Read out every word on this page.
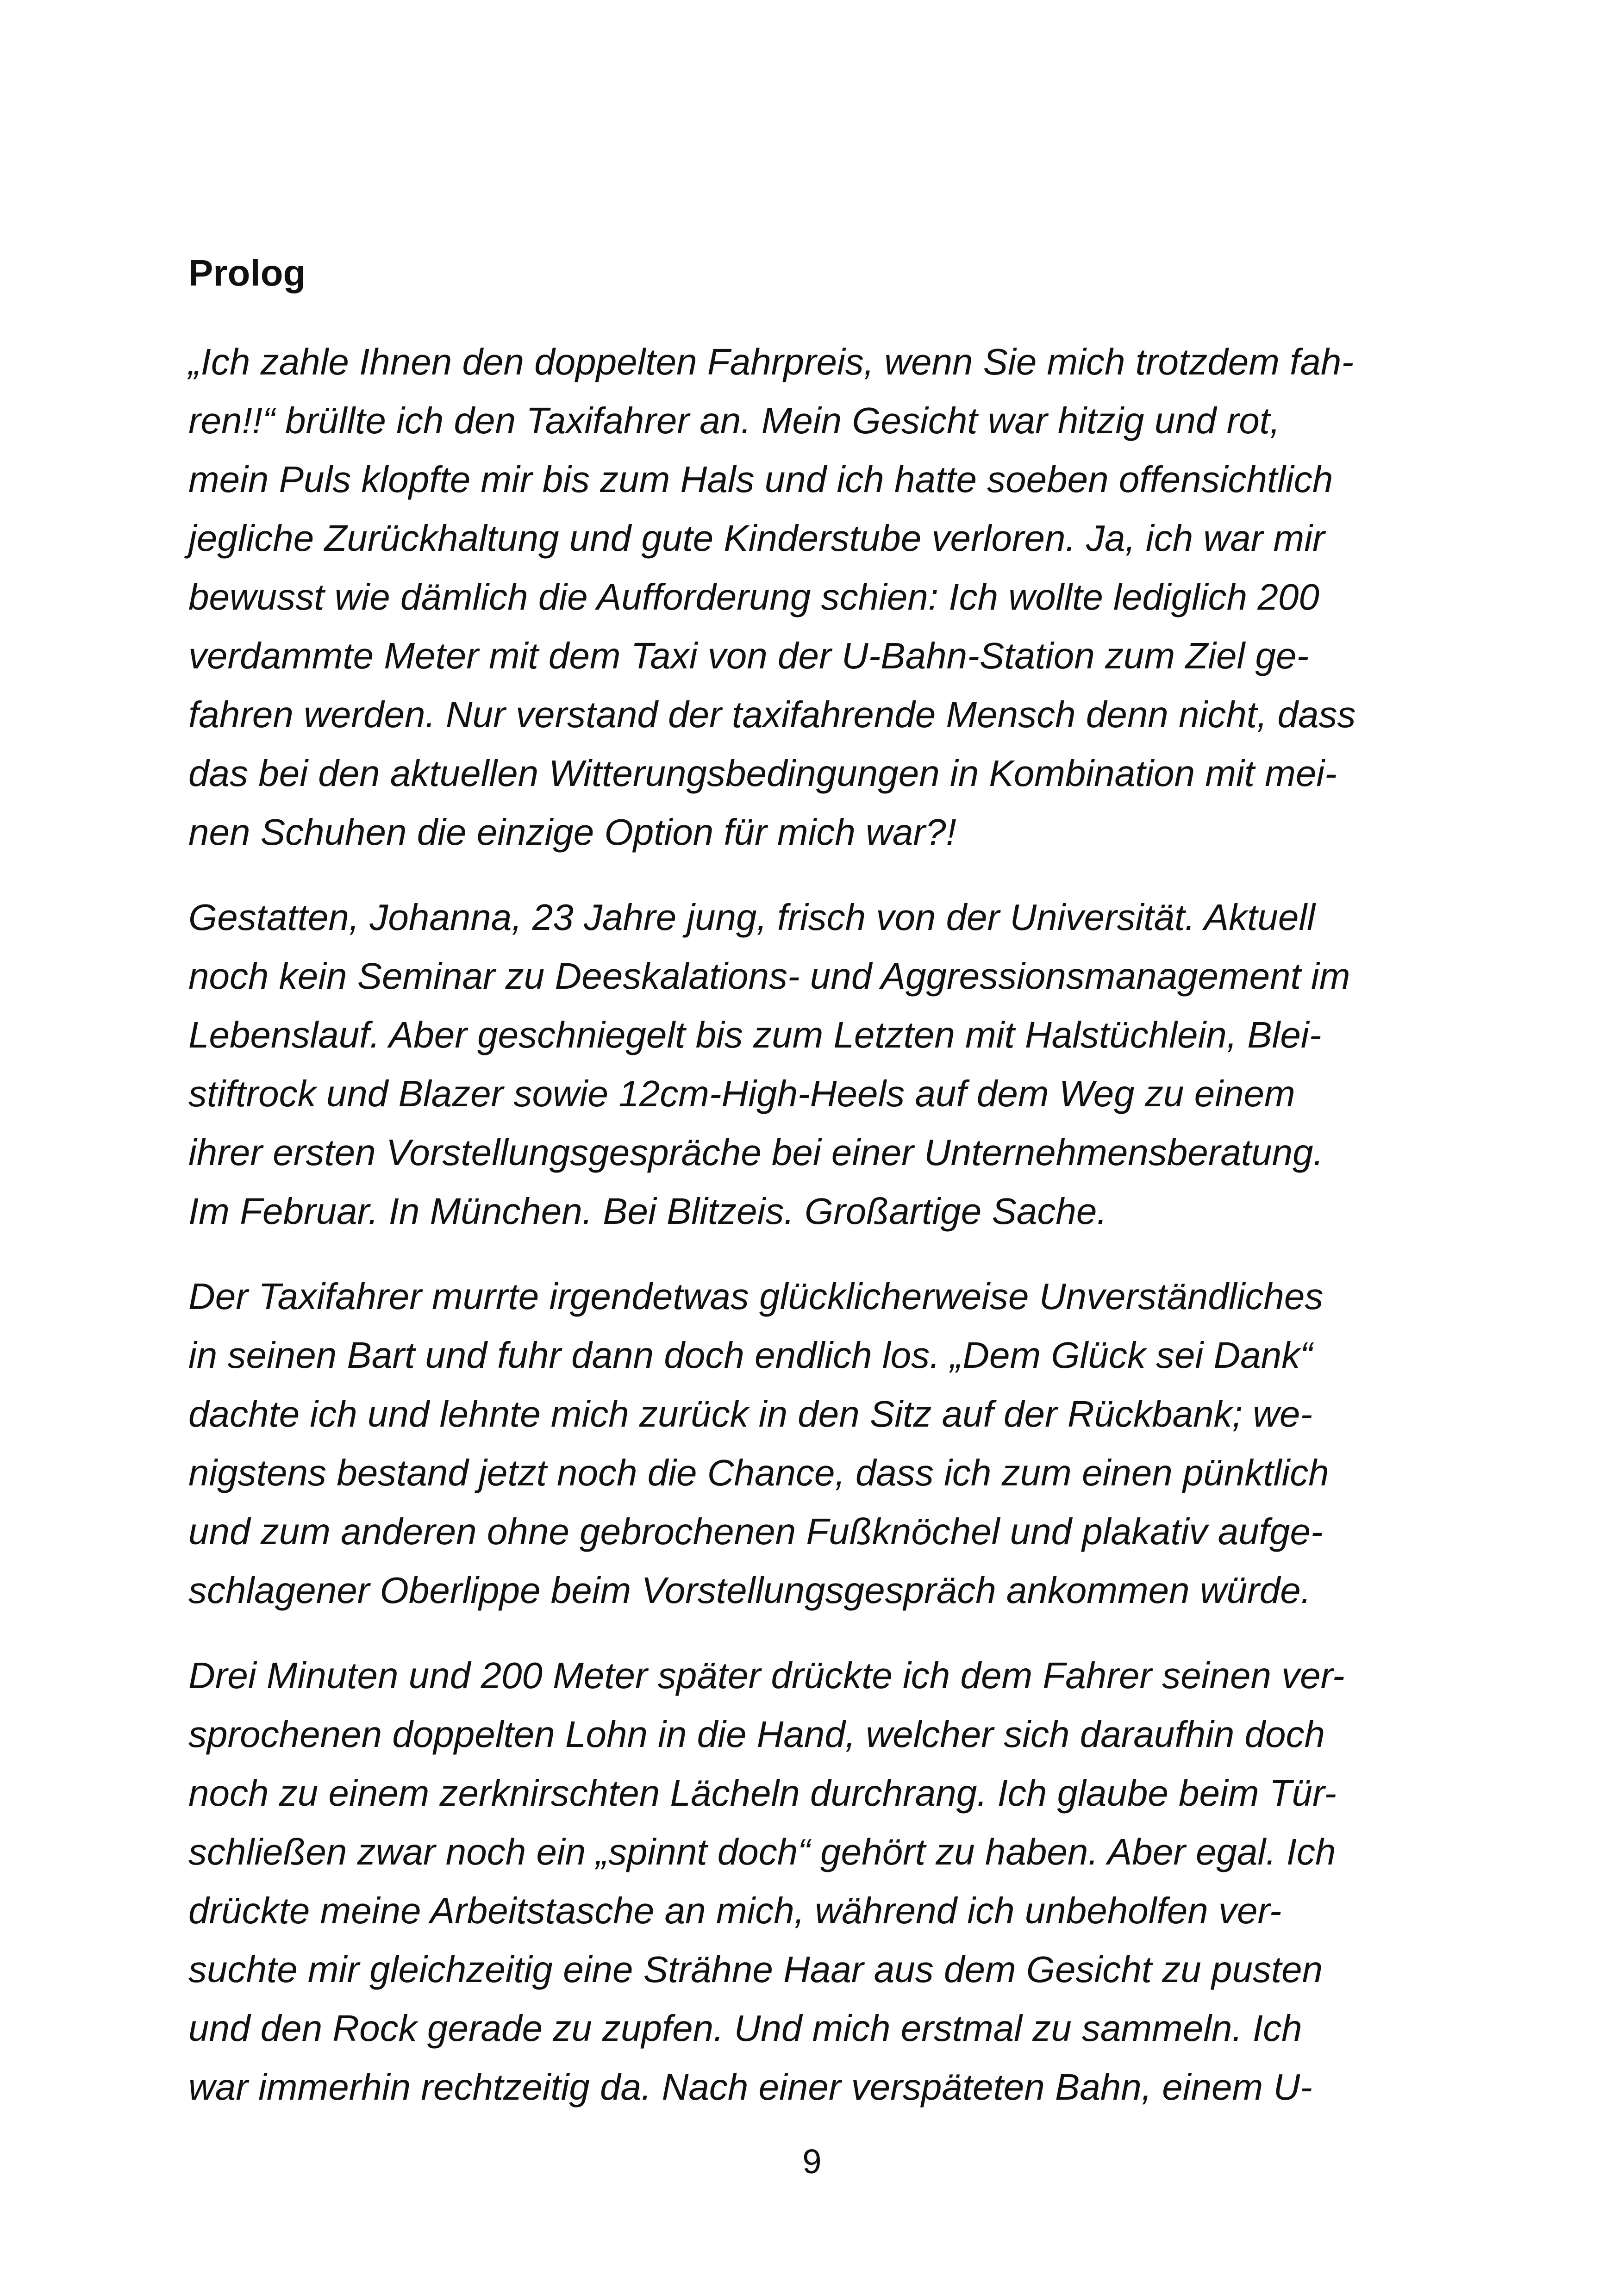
Prolog

„Ich zahle Ihnen den doppelten Fahrpreis, wenn Sie mich trotzdem fah-
ren!!“ brüllte ich den Taxifahrer an. Mein Gesicht war hitzig und rot,
mein Puls klopfte mir bis zum Hals und ich hatte soeben offensichtlich
jegliche Zurückhaltung und gute Kinderstube verloren. Ja, ich war mir
bewusst wie dämlich die Aufforderung schien: Ich wollte lediglich 200
verdammte Meter mit dem Taxi von der U-Bahn-Station zum Ziel ge-
fahren werden. Nur verstand der taxifahrende Mensch denn nicht, dass
das bei den aktuellen Witterungsbedingungen in Kombination mit mei-
nen Schuhen die einzige Option für mich war?!

Gestatten, Johanna, 23 Jahre jung, frisch von der Universität. Aktuell
noch kein Seminar zu Deeskalations- und Aggressionsmanagement im
Lebenslauf. Aber geschniegelt bis zum Letzten mit Halstüchlein, Blei-
stiftrock und Blazer sowie 12cm-High-Heels auf dem Weg zu einem
ihrer ersten Vorstellungsgespräche bei einer Unternehmensberatung.
Im Februar. In München. Bei Blitzeis. Großartige Sache.

Der Taxifahrer murrte irgendetwas glücklicherweise Unverständliches
in seinen Bart und fuhr dann doch endlich los. „Dem Glück sei Dank“
dachte ich und lehnte mich zurück in den Sitz auf der Rückbank; we-
nigstens bestand jetzt noch die Chance, dass ich zum einen pünktlich
und zum anderen ohne gebrochenen Fußknöchel und plakativ aufge-
schlagener Oberlippe beim Vorstellungsgespräch ankommen würde.

Drei Minuten und 200 Meter später drückte ich dem Fahrer seinen ver-
sprochenen doppelten Lohn in die Hand, welcher sich daraufhin doch
noch zu einem zerknirschten Lächeln durchrang. Ich glaube beim Tür-
schließen zwar noch ein „spinnt doch“ gehört zu haben. Aber egal. Ich
drückte meine Arbeitstasche an mich, während ich unbeholfen ver-
suchte mir gleichzeitig eine Strähne Haar aus dem Gesicht zu pusten
und den Rock gerade zu zupfen. Und mich erstmal zu sammeln. Ich
war immerhin rechtzeitig da. Nach einer verspäteten Bahn, einem U-

9
